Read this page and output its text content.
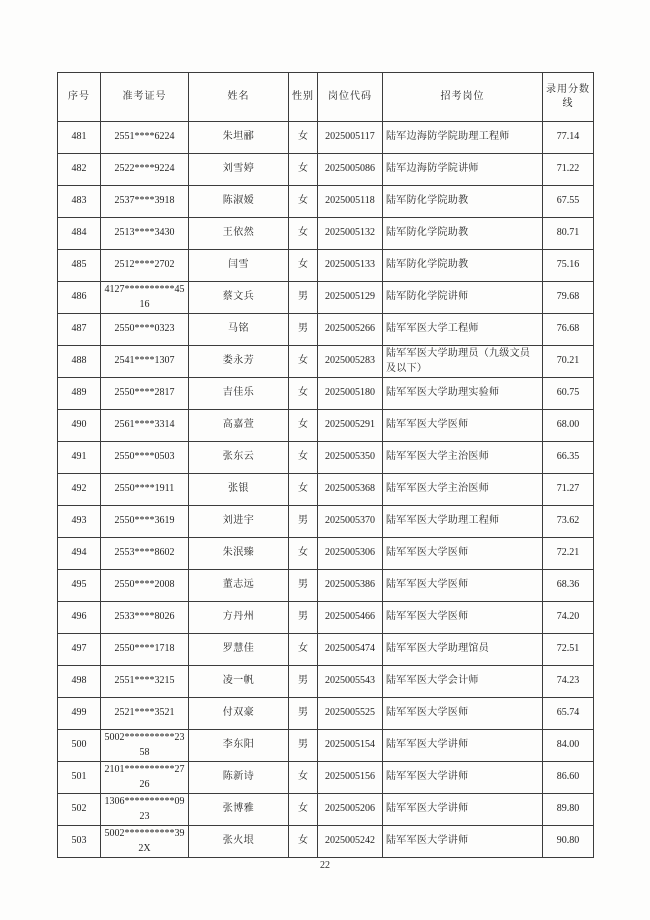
序号	准考证号	姓名	性别	岗位代码	招考岗位	录用分数线
481	2551****6224	朱坦郦	女	2025005117	陆军边海防学院助理工程师	77.14
482	2522****9224	刘雪婷	女	2025005086	陆军边海防学院讲师	71.22
483	2537****3918	陈淑嫒	女	2025005118	陆军防化学院助教	67.55
484	2513****3430	王依然	女	2025005132	陆军防化学院助教	80.71
485	2512****2702	闫雪	女	2025005133	陆军防化学院助教	75.16
486	4127**********4516	蔡文兵	男	2025005129	陆军防化学院讲师	79.68
487	2550****0323	马铭	男	2025005266	陆军军医大学工程师	76.68
488	2541****1307	娄永芳	女	2025005283	陆军军医大学助理员（九级文员及以下）	70.21
489	2550****2817	吉佳乐	女	2025005180	陆军军医大学助理实验师	60.75
490	2561****3314	高嘉萱	女	2025005291	陆军军医大学医师	68.00
491	2550****0503	张东云	女	2025005350	陆军军医大学主治医师	66.35
492	2550****1911	张银	女	2025005368	陆军军医大学主治医师	71.27
493	2550****3619	刘进宇	男	2025005370	陆军军医大学助理工程师	73.62
494	2553****8602	朱泯臻	女	2025005306	陆军军医大学医师	72.21
495	2550****2008	董志远	男	2025005386	陆军军医大学医师	68.36
496	2533****8026	方丹州	男	2025005466	陆军军医大学医师	74.20
497	2550****1718	罗慧佳	女	2025005474	陆军军医大学助理馆员	72.51
498	2551****3215	凌一帆	男	2025005543	陆军军医大学会计师	74.23
499	2521****3521	付双豪	男	2025005525	陆军军医大学医师	65.74
500	5002**********2358	李东阳	男	2025005154	陆军军医大学讲师	84.00
501	2101**********2726	陈新诗	女	2025005156	陆军军医大学讲师	86.60
502	1306**********0923	张博雅	女	2025005206	陆军军医大学讲师	89.80
503	5002**********392X	张火垠	女	2025005242	陆军军医大学讲师	90.80
22
